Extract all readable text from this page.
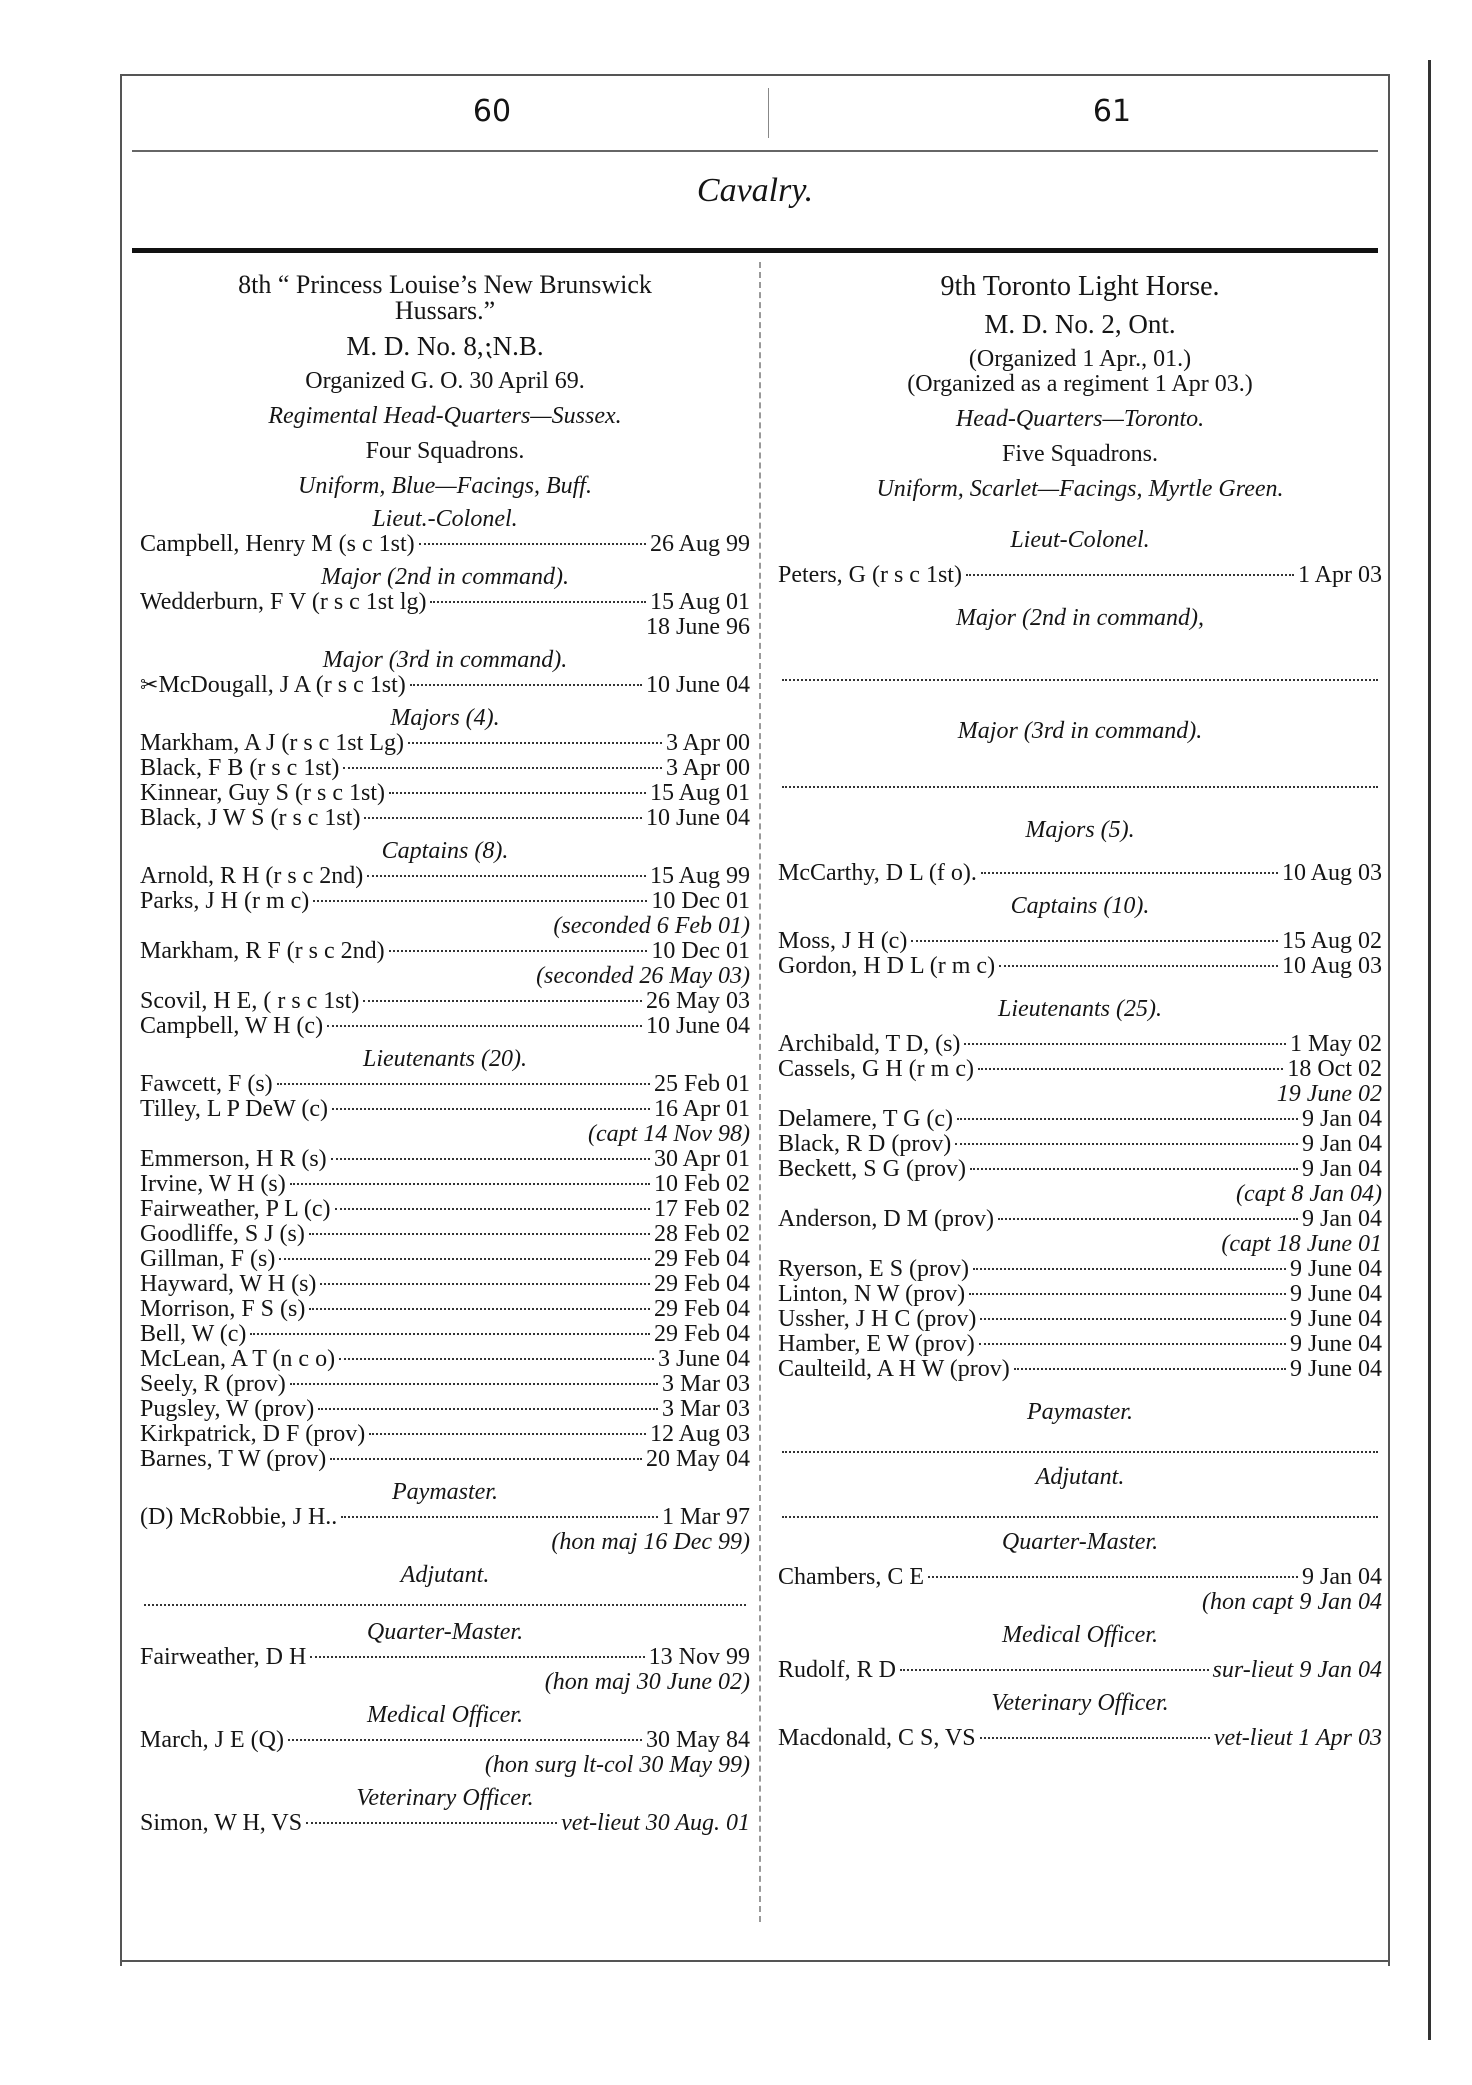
60	61
Cavalry.
8th “ Princess Louise’s New Brunswick
Hussars.”
M. D. No. 8,⁏N.B.
Organized G. O. 30 April 69.
Regimental Head-Quarters—Sussex.
Four Squadrons.
Uniform, Blue—Facings, Buff.
Lieut.-Colonel.
Campbell, Henry M (s c 1st)	26 Aug 99
Major (2nd in command).
Wedderburn, F V (r s c 1st lg)	15 Aug 01
18 June 96
Major (3rd in command).
✂ McDougall, J A (r s c 1st)	10 June 04
Majors (4).
Markham, A J (r s c 1st Lg)	3 Apr 00
Black, F B (r s c 1st)	3 Apr 00
Kinnear, Guy S (r s c 1st)	15 Aug 01
Black, J W S (r s c 1st)	10 June 04
Captains (8).
Arnold, R H (r s c 2nd)	15 Aug 99
Parks, J H (r m c)	10 Dec 01
(seconded 6 Feb 01)
Markham, R F (r s c 2nd)	10 Dec 01
(seconded 26 May 03)
Scovil, H E, ( r s c 1st)	26 May 03
Campbell, W H (c)	10 June 04
Lieutenants (20).
Fawcett, F (s)	25 Feb 01
Tilley, L P DeW (c)	16 Apr 01
(capt 14 Nov 98)
Emmerson, H R (s)	30 Apr 01
Irvine, W H (s)	10 Feb 02
Fairweather, P L (c)	17 Feb 02
Goodliffe, S J (s)	28 Feb 02
Gillman, F (s)	29 Feb 04
Hayward, W H (s)	29 Feb 04
Morrison, F S (s)	29 Feb 04
Bell, W (c)	29 Feb 04
McLean, A T (n c o)	3 June 04
Seely, R (prov)	3 Mar 03
Pugsley, W (prov)	3 Mar 03
Kirkpatrick, D F (prov)	12 Aug 03
Barnes, T W (prov)	20 May 04
Paymaster.
(D) McRobbie, J H..	1 Mar 97
(hon maj 16 Dec 99)
Adjutant.
Quarter-Master.
Fairweather, D H	13 Nov 99
(hon maj 30 June 02)
Medical Officer.
March, J E (Q)	30 May 84
(hon surg lt-col 30 May 99)
Veterinary Officer.
Simon, W H, VS	vet-lieut 30 Aug. 01
9th Toronto Light Horse.
M. D. No. 2, Ont.
(Organized 1 Apr., 01.)
(Organized as a regiment 1 Apr 03.)
Head-Quarters—Toronto.
Five Squadrons.
Uniform, Scarlet—Facings, Myrtle Green.
Lieut-Colonel.
Peters, G (r s c 1st)	1 Apr 03
Major (2nd in command),
Major (3rd in command).
Majors (5).
McCarthy, D L (f o).	10 Aug 03
Captains (10).
Moss, J H (c)	15 Aug 02
Gordon, H D L (r m c)	10 Aug 03
Lieutenants (25).
Archibald, T D, (s)	1 May 02
Cassels, G H (r m c)	18 Oct 02
19 June 02
Delamere, T G (c)	9 Jan 04
Black, R D (prov)	9 Jan 04
Beckett, S G (prov)	9 Jan 04
(capt 8 Jan 04)
Anderson, D M (prov)	9 Jan 04
(capt 18 June 01
Ryerson, E S (prov)	9 June 04
Linton, N W (prov)	9 June 04
Ussher, J H C (prov)	9 June 04
Hamber, E W (prov)	9 June 04
Caulteild, A H W (prov)	9 June 04
Paymaster.
Adjutant.
Quarter-Master.
Chambers, C E	9 Jan 04
(hon capt 9 Jan 04
Medical Officer.
Rudolf, R D	sur-lieut 9 Jan 04
Veterinary Officer.
Macdonald, C S, VS	vet-lieut 1 Apr 03
